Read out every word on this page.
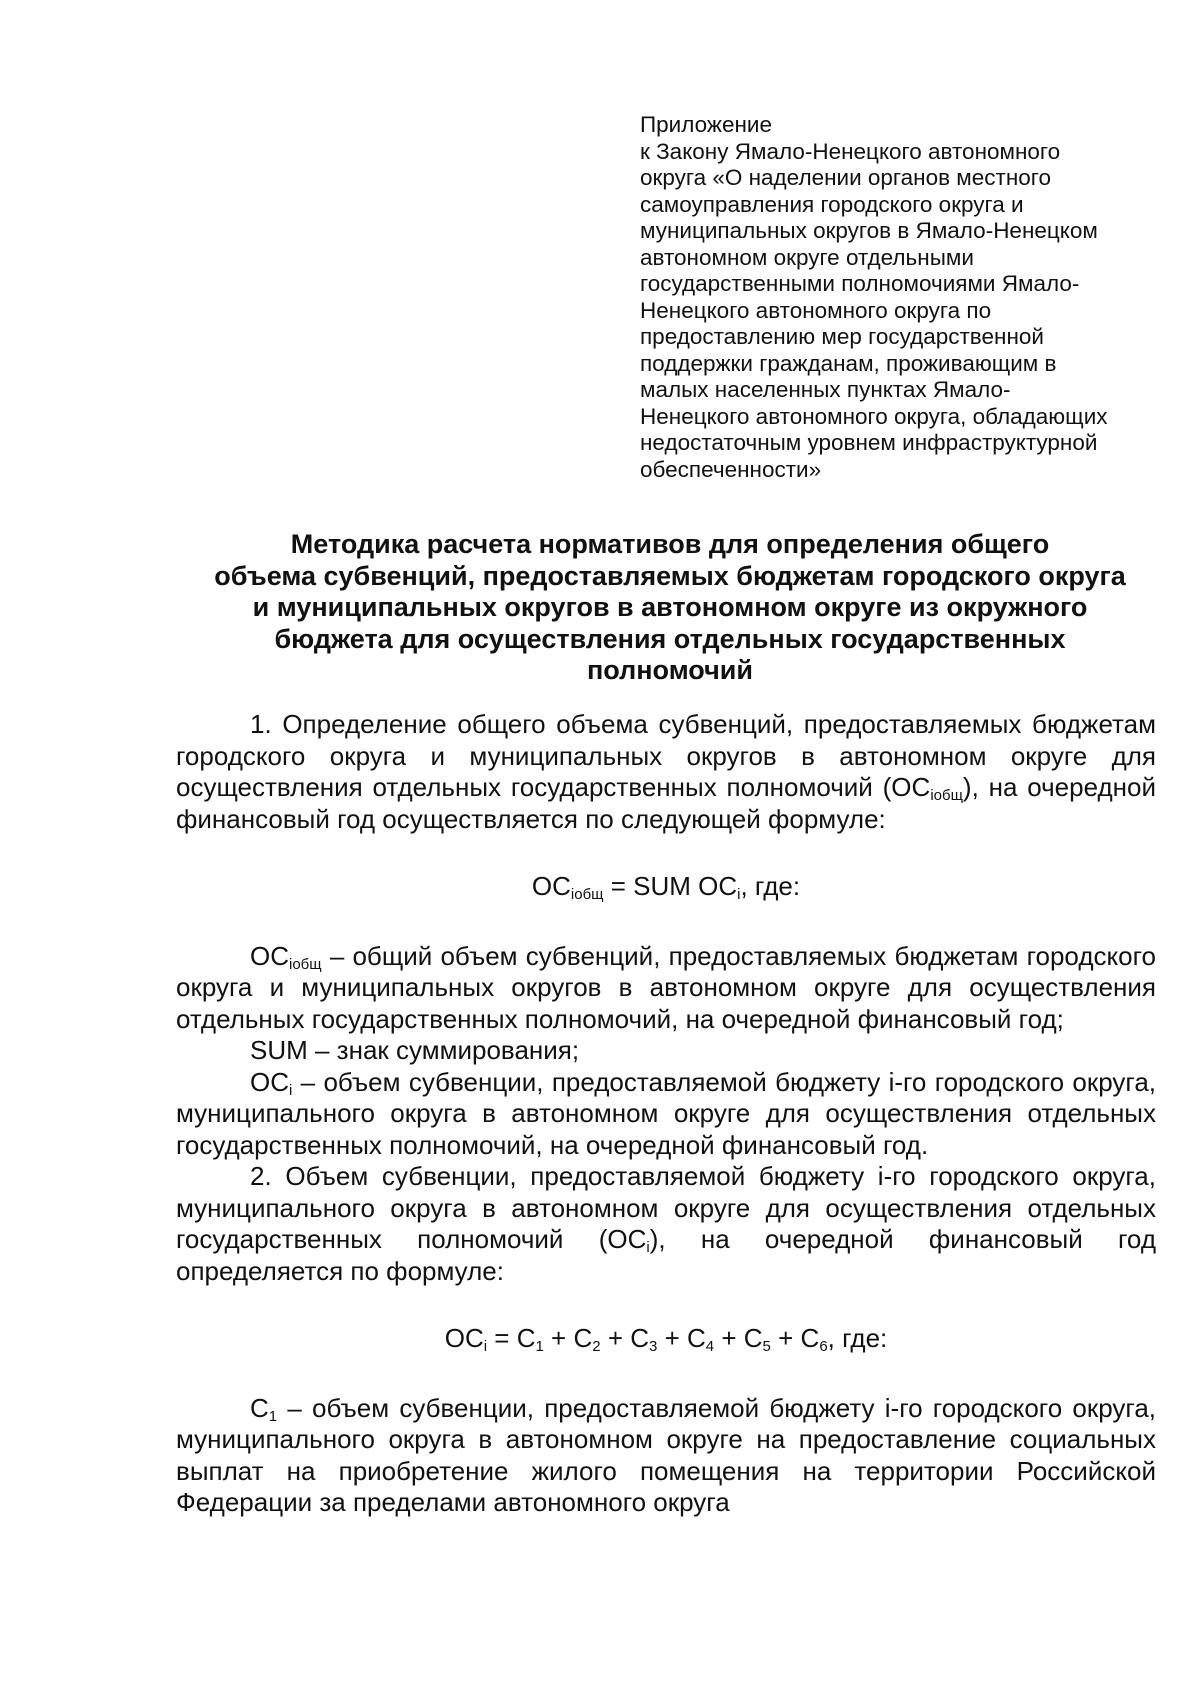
Приложение
к Закону Ямало-Ненецкого автономного
округа «О наделении органов местного
самоуправления городского округа и
муниципальных округов в Ямало-Ненецком
автономном округе отдельными
государственными полномочиями Ямало-
Ненецкого автономного округа по
предоставлению мер государственной
поддержки гражданам, проживающим в
малых населенных пунктах Ямало-
Ненецкого автономного округа, обладающих
недостаточным уровнем инфраструктурной
обеспеченности»
Методика расчета нормативов для определения общего
объема субвенций, предоставляемых бюджетам городского округа
и муниципальных округов в автономном округе из окружного
бюджета для осуществления отдельных государственных
полномочий

1. Определение общего объема субвенций, предоставляемых бюджетам городского округа и муниципальных округов в автономном округе для осуществления отдельных государственных полномочий $(ОС_{iобщ})$, на очередной финансовый год осуществляется по следующей формуле:

$ОС_{iобщ}$ = SUM $ОС_i$, где:

$ОС_{iобщ}$ – общий объем субвенций, предоставляемых бюджетам городского округа и муниципальных округов в автономном округе для осуществления отдельных государственных полномочий, на очередной финансовый год;

SUM – знак суммирования;

$ОС_i$ – объем субвенции, предоставляемой бюджету i-го городского округа, муниципального округа в автономном округе для осуществления отдельных государственных полномочий, на очередной финансовый год.

2. Объем субвенции, предоставляемой бюджету i-го городского округа, муниципального округа в автономном округе для осуществления отдельных государственных полномочий $(ОС_i)$, на очередной финансовый год определяется по формуле:

$ОС_i = С_1 + С_2 + С_3 + С_4 + С_5 + С_6$, где:

$С_1$ – объем субвенции, предоставляемой бюджету i-го городского округа, муниципального округа в автономном округе на предоставление социальных выплат на приобретение жилого помещения на территории Российской Федерации за пределами автономного округа
